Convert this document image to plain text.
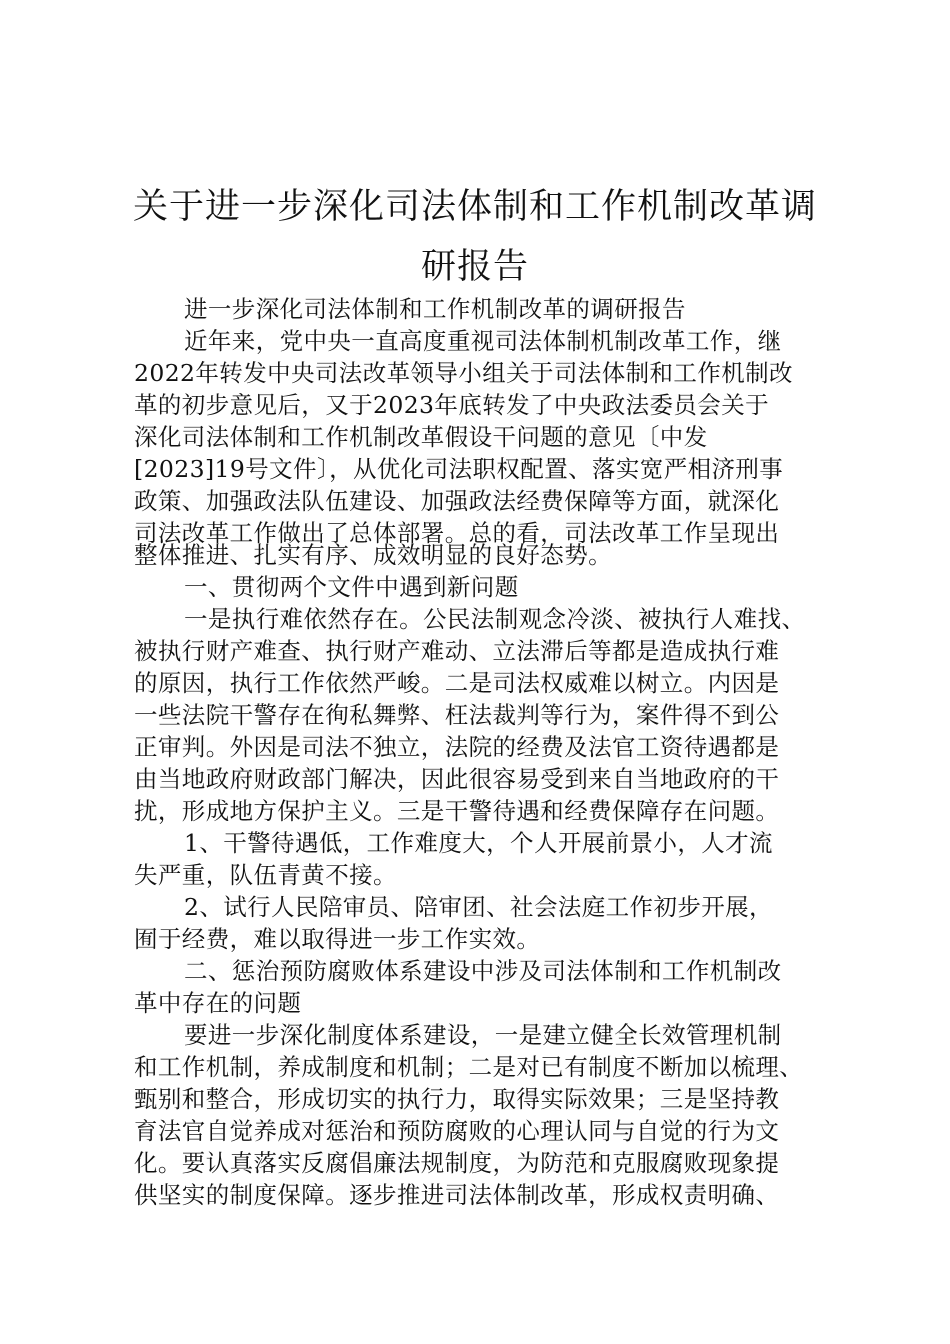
关于进一步深化司法体制和工作机制改革调
研报告
进一步深化司法体制和工作机制改革的调研报告
近年来，党中央一直高度重视司法体制机制改革工作，继
2022年转发中央司法改革领导小组关于司法体制和工作机制改
革的初步意见后，又于2023年底转发了中央政法委员会关于
深化司法体制和工作机制改革假设干问题的意见〔中发
[2023]19号文件〕，从优化司法职权配置、落实宽严相济刑事
政策、加强政法队伍建设、加强政法经费保障等方面，就深化
司法改革工作做出了总体部署。总的看，司法改革工作呈现出
整体推进、扎实有序、成效明显的良好态势。
一、贯彻两个文件中遇到新问题
一是执行难依然存在。公民法制观念冷淡、被执行人难找、
被执行财产难查、执行财产难动、立法滞后等都是造成执行难
的原因，执行工作依然严峻。二是司法权威难以树立。内因是
一些法院干警存在徇私舞弊、枉法裁判等行为，案件得不到公
正审判。外因是司法不独立，法院的经费及法官工资待遇都是
由当地政府财政部门解决，因此很容易受到来自当地政府的干
扰，形成地方保护主义。三是干警待遇和经费保障存在问题。
1、干警待遇低，工作难度大，个人开展前景小，人才流
失严重，队伍青黄不接。
2、试行人民陪审员、陪审团、社会法庭工作初步开展，
囿于经费，难以取得进一步工作实效。
二、惩治预防腐败体系建设中涉及司法体制和工作机制改
革中存在的问题
要进一步深化制度体系建设，一是建立健全长效管理机制
和工作机制，养成制度和机制；二是对已有制度不断加以梳理、
甄别和整合，形成切实的执行力，取得实际效果；三是坚持教
育法官自觉养成对惩治和预防腐败的心理认同与自觉的行为文
化。要认真落实反腐倡廉法规制度，为防范和克服腐败现象提
供坚实的制度保障。逐步推进司法体制改革，形成权责明确、
